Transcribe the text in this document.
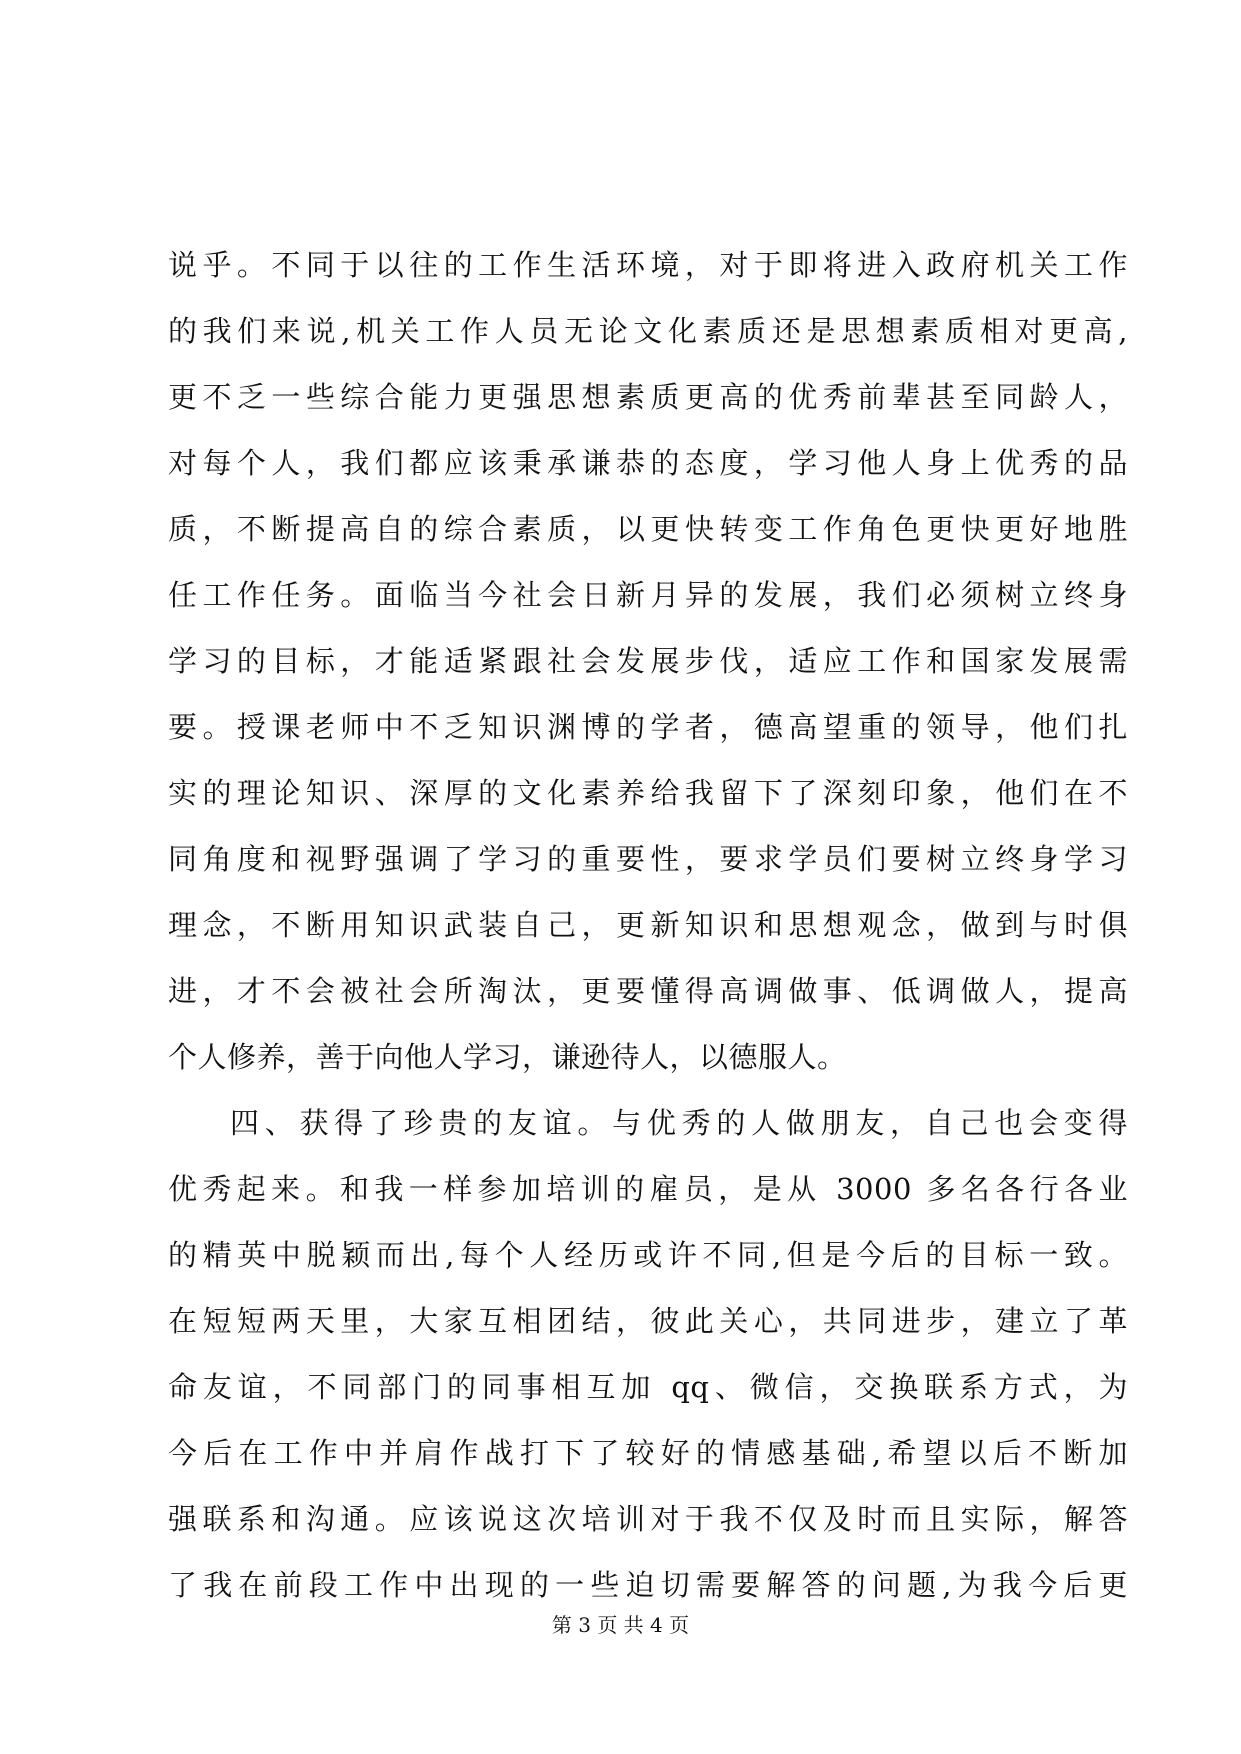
说乎。不同于以往的工作生活环境，对于即将进入政府机关工作
的我们来说,机关工作人员无论文化素质还是思想素质相对更高,
更不乏一些综合能力更强思想素质更高的优秀前辈甚至同龄人，
对每个人，我们都应该秉承谦恭的态度，学习他人身上优秀的品
质，不断提高自的综合素质，以更快转变工作角色更快更好地胜
任工作任务。面临当今社会日新月异的发展，我们必须树立终身
学习的目标，才能适紧跟社会发展步伐，适应工作和国家发展需
要。授课老师中不乏知识渊博的学者，德高望重的领导，他们扎
实的理论知识、深厚的文化素养给我留下了深刻印象，他们在不
同角度和视野强调了学习的重要性，要求学员们要树立终身学习
理念，不断用知识武装自己，更新知识和思想观念，做到与时俱
进，才不会被社会所淘汰，更要懂得高调做事、低调做人，提高
个人修养，善于向他人学习，谦逊待人，以德服人。
四、获得了珍贵的友谊。与优秀的人做朋友，自己也会变得
优秀起来。和我一样参加培训的雇员，是从 3000 多名各行各业
的精英中脱颖而出,每个人经历或许不同,但是今后的目标一致。
在短短两天里，大家互相团结，彼此关心，共同进步，建立了革
命友谊，不同部门的同事相互加 qq、微信，交换联系方式，为
今后在工作中并肩作战打下了较好的情感基础,希望以后不断加
强联系和沟通。应该说这次培训对于我不仅及时而且实际，解答
了我在前段工作中出现的一些迫切需要解答的问题,为我今后更
第 3 页 共 4 页
